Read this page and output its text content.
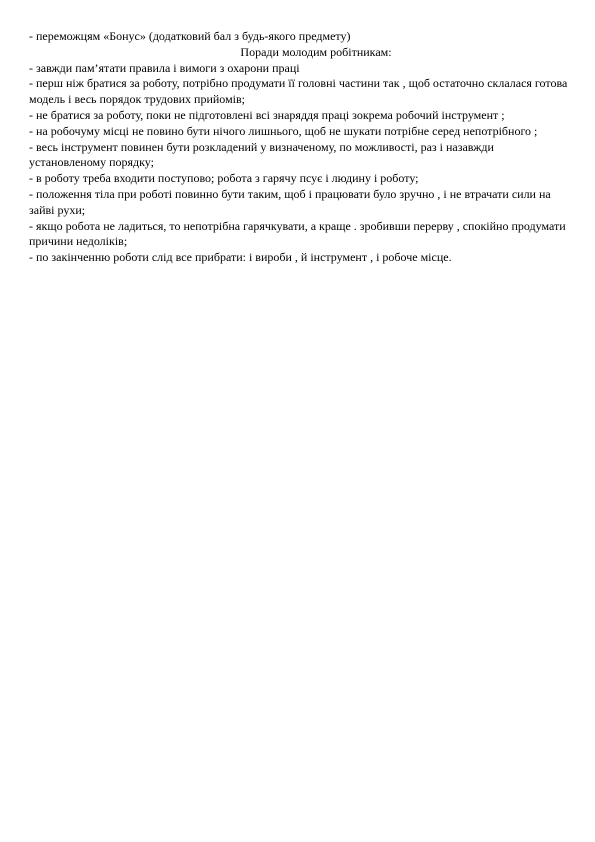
- переможцям «Бонус» (додатковий бал з будь-якого предмету)

Поради молодим робітникам:

- завжди пам’ятати правила і вимоги з охарони праці

- перш ніж братися за роботу, потрібно продумати її головні частини так , щоб остаточно склалася готова модель і весь порядок трудових прийомів;

- не братися за роботу, поки не підготовлені всі знаряддя праці зокрема робочий інструмент ;

- на робочуму місці не повино бути нічого лишнього, щоб не шукати потрібне серед непотрібного ;

- весь інструмент повинен бути розкладений у визначеному, по можливості, раз і назавжди установленому порядку;

- в роботу треба входити поступово; робота з гарячу псує і людину і роботу;

- положення тіла при роботі повинно бути таким, щоб і працювати було зручно , і не втрачати сили на зайві рухи;

- якщо робота не ладиться, то непотрібна гарячкувати, а краще . зробивши перерву , спокійно продумати причини недоліків;

- по закінченню роботи слід все прибрати: і вироби , й інструмент , і робоче місце.
